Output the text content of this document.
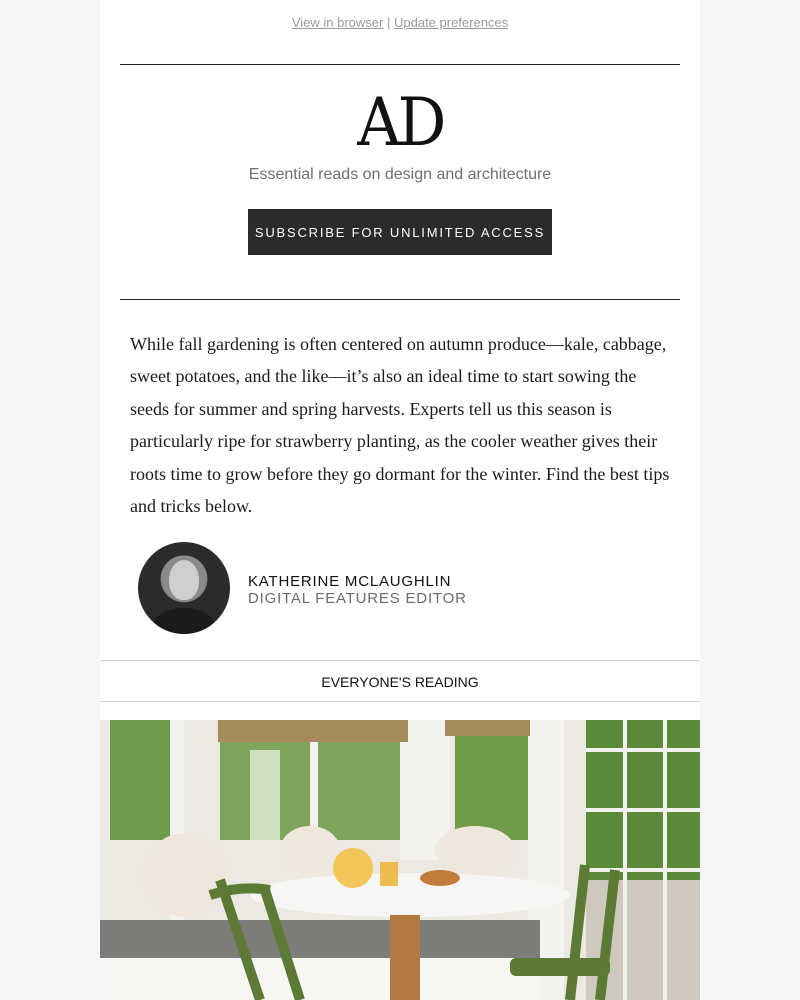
View in browser | Update preferences
AD
Essential reads on design and architecture
SUBSCRIBE FOR UNLIMITED ACCESS

While fall gardening is often centered on autumn produce—kale, cabbage, sweet potatoes, and the like—it’s also an ideal time to start sowing the seeds for summer and spring harvests. Experts tell us this season is particularly ripe for strawberry planting, as the cooler weather gives their roots time to grow before they go dormant for the winter. Find the best tips and tricks below.

KATHERINE MCLAUGHLIN
DIGITAL FEATURES EDITOR
EVERYONE'S READING
